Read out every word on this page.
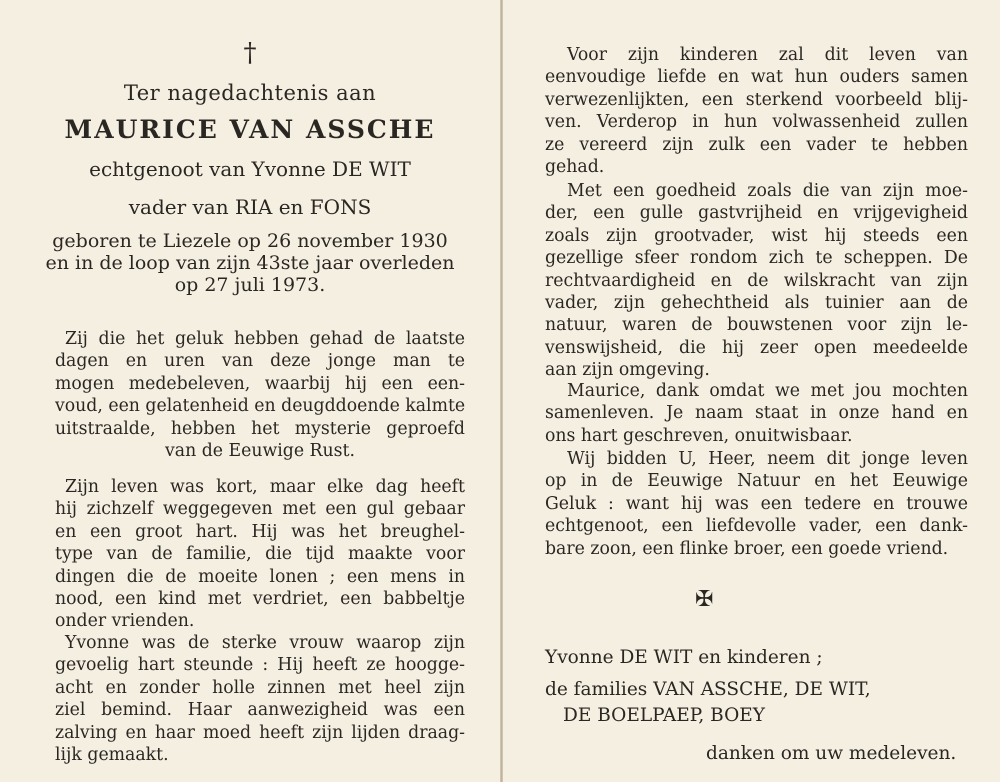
†
Ter nagedachtenis aan
MAURICE VAN ASSCHE
echtgenoot van Yvonne DE WIT
vader van RIA en FONS
geboren te Liezele op 26 november 1930
en in de loop van zijn 43ste jaar overleden
op 27 juli 1973.
Zij die het geluk hebben gehad de laatste
dagen en uren van deze jonge man te
mogen medebeleven, waarbij hij een een-
voud, een gelatenheid en deugddoende kalmte
uitstraalde, hebben het mysterie geproefd
van de Eeuwige Rust.
Zijn leven was kort, maar elke dag heeft
hij zichzelf weggegeven met een gul gebaar
en een groot hart. Hij was het breughel-
type van de familie, die tijd maakte voor
dingen die de moeite lonen ; een mens in
nood, een kind met verdriet, een babbeltje
onder vrienden.
Yvonne was de sterke vrouw waarop zijn
gevoelig hart steunde : Hij heeft ze hooggе-
acht en zonder holle zinnen met heel zijn
ziel bemind. Haar aanwezigheid was een
zalving en haar moed heeft zijn lijden draag-
lijk gemaakt.
Voor zijn kinderen zal dit leven van
eenvoudige liefde en wat hun ouders samen
verwezenlijkten, een sterkend voorbeeld blij-
ven. Verderop in hun volwassenheid zullen
ze vereerd zijn zulk een vader te hebben
gehad.
Met een goedheid zoals die van zijn moe-
der, een gulle gastvrijheid en vrijgevigheid
zoals zijn grootvader, wist hij steeds een
gezellige sfeer rondom zich te scheppen. De
rechtvaardigheid en de wilskracht van zijn
vader, zijn gehechtheid als tuinier aan de
natuur, waren de bouwstenen voor zijn le-
venswijsheid, die hij zeer open meedeelde
aan zijn omgeving.
Maurice, dank omdat we met jou mochten
samenleven. Je naam staat in onze hand en
ons hart geschreven, onuitwisbaar.
Wij bidden U, Heer, neem dit jonge leven
op in de Eeuwige Natuur en het Eeuwige
Geluk : want hij was een tedere en trouwe
echtgenoot, een liefdevolle vader, een dank-
bare zoon, een flinke broer, een goede vriend.
✠
Yvonne DE WIT en kinderen ;
de families VAN ASSCHE, DE WIT,
DE BOELPAEP, BOEY
danken om uw medeleven.
